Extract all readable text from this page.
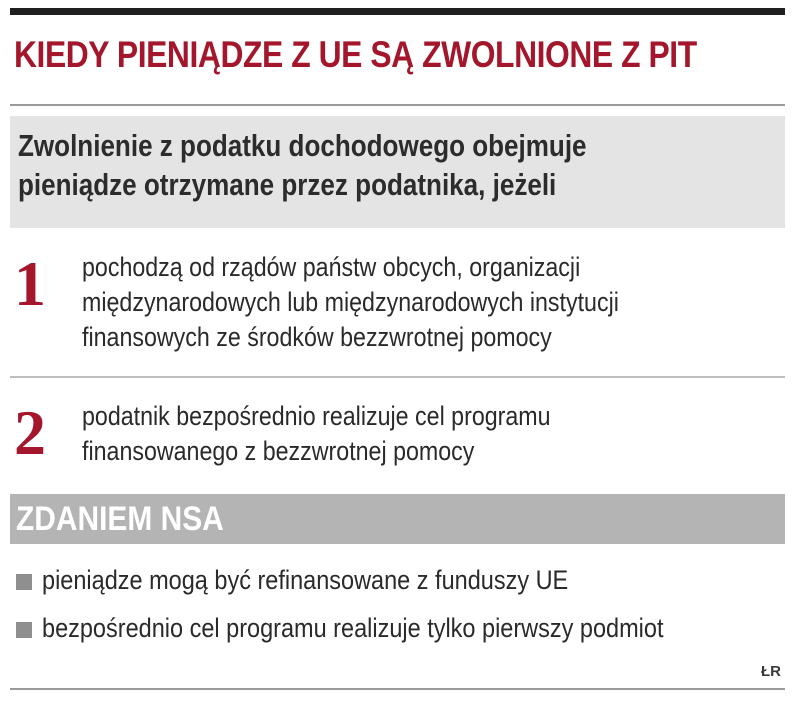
KIEDY PIENIĄDZE Z UE SĄ ZWOLNIONE Z PIT
Zwolnienie z podatku dochodowego obejmuje
pieniądze otrzymane przez podatnika, jeżeli
1 pochodzą od rządów państw obcych, organizacji
międzynarodowych lub międzynarodowych instytucji
finansowych ze środków bezzwrotnej pomocy
2 podatnik bezpośrednio realizuje cel programu
finansowanego z bezzwrotnej pomocy
ZDANIEM NSA
pieniądze mogą być refinansowane z funduszy UE
bezpośrednio cel programu realizuje tylko pierwszy podmiot
ŁR
